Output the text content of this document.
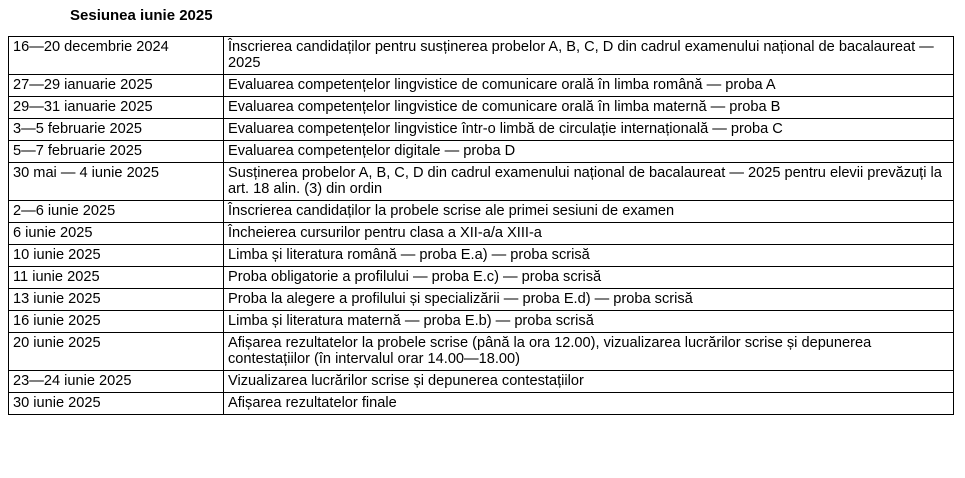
Sesiunea iunie 2025
16—20 decembrie 2024	Înscrierea candidaților pentru susținerea probelor A, B, C, D din cadrul examenului național de bacalaureat — 2025
27—29 ianuarie 2025	Evaluarea competențelor lingvistice de comunicare orală în limba română — proba A
29—31 ianuarie 2025	Evaluarea competențelor lingvistice de comunicare orală în limba maternă — proba B
3—5 februarie 2025	Evaluarea competențelor lingvistice într-o limbă de circulație internațională — proba C
5—7 februarie 2025	Evaluarea competențelor digitale — proba D
30 mai — 4 iunie 2025	Susținerea probelor A, B, C, D din cadrul examenului național de bacalaureat — 2025 pentru elevii prevăzuți la art. 18 alin. (3) din ordin
2—6 iunie 2025	Înscrierea candidaților la probele scrise ale primei sesiuni de examen
6 iunie 2025	Încheierea cursurilor pentru clasa a XII-a/a XIII-a
10 iunie 2025	Limba și literatura română — proba E.a) — proba scrisă
11 iunie 2025	Proba obligatorie a profilului — proba E.c) — proba scrisă
13 iunie 2025	Proba la alegere a profilului și specializării — proba E.d) — proba scrisă
16 iunie 2025	Limba și literatura maternă — proba E.b) — proba scrisă
20 iunie 2025	Afișarea rezultatelor la probele scrise (până la ora 12.00), vizualizarea lucrărilor scrise și depunerea contestațiilor (în intervalul orar 14.00—18.00)
23—24 iunie 2025	Vizualizarea lucrărilor scrise și depunerea contestațiilor
30 iunie 2025	Afișarea rezultatelor finale
